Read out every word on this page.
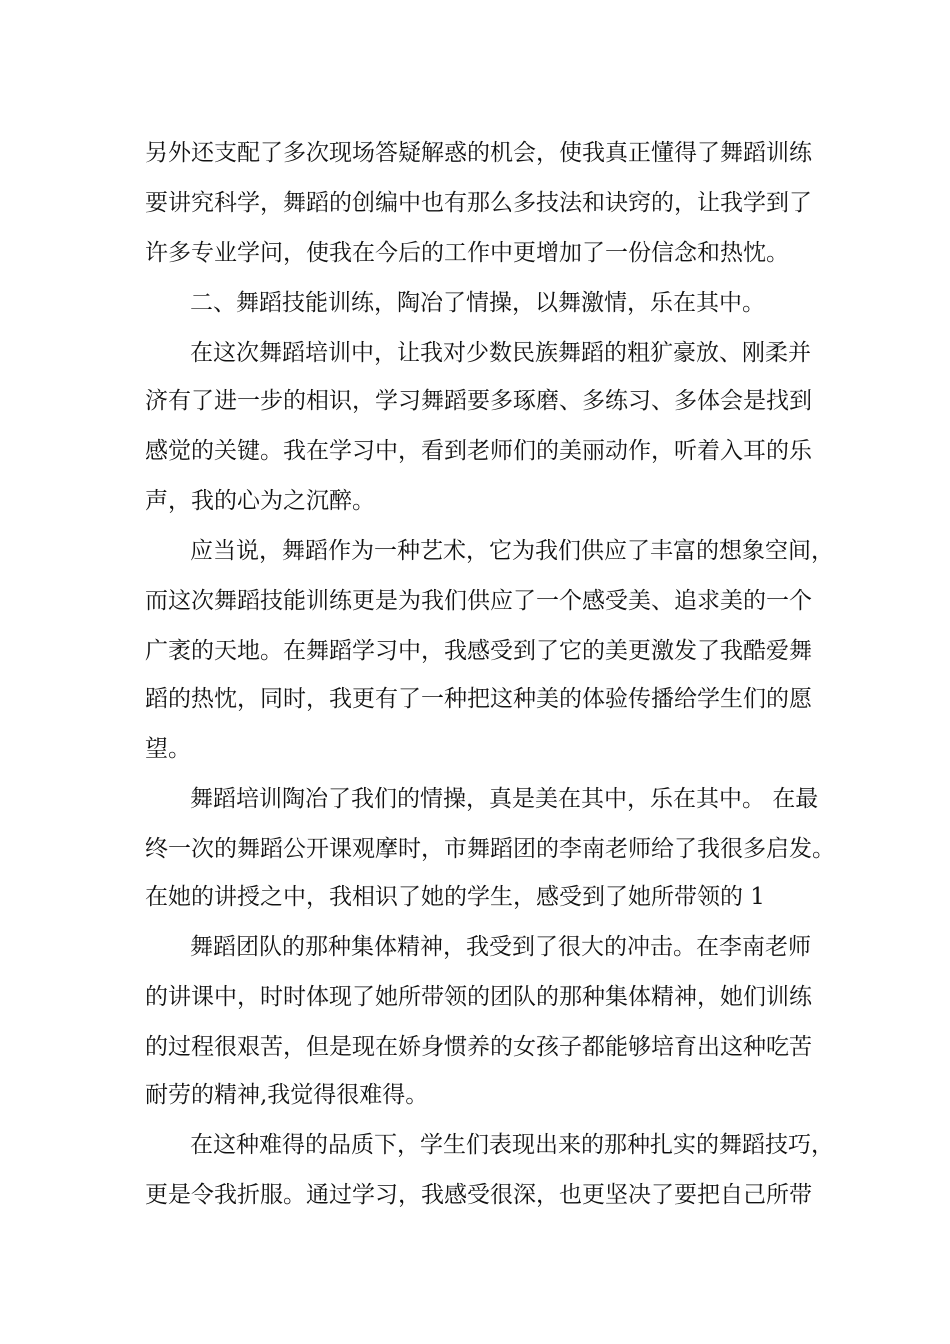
另外还支配了多次现场答疑解惑的机会，使我真正懂得了舞蹈训练
要讲究科学，舞蹈的创编中也有那么多技法和诀窍的，让我学到了
许多专业学问，使我在今后的工作中更增加了一份信念和热忱。
二、舞蹈技能训练，陶冶了情操，以舞激情，乐在其中。
在这次舞蹈培训中，让我对少数民族舞蹈的粗犷豪放、刚柔并
济有了进一步的相识，学习舞蹈要多琢磨、多练习、多体会是找到
感觉的关键。我在学习中，看到老师们的美丽动作，听着入耳的乐
声，我的心为之沉醉。
应当说，舞蹈作为一种艺术，它为我们供应了丰富的想象空间，
而这次舞蹈技能训练更是为我们供应了一个感受美、追求美的一个
广袤的天地。在舞蹈学习中，我感受到了它的美更激发了我酷爱舞
蹈的热忱，同时，我更有了一种把这种美的体验传播给学生们的愿
望。
舞蹈培训陶冶了我们的情操，真是美在其中，乐在其中。 在最
终一次的舞蹈公开课观摩时，市舞蹈团的李南老师给了我很多启发。
在她的讲授之中，我相识了她的学生，感受到了她所带领的 1
舞蹈团队的那种集体精神，我受到了很大的冲击。在李南老师
的讲课中，时时体现了她所带领的团队的那种集体精神，她们训练
的过程很艰苦，但是现在娇身惯养的女孩子都能够培育出这种吃苦
耐劳的精神,我觉得很难得。
在这种难得的品质下，学生们表现出来的那种扎实的舞蹈技巧，
更是令我折服。通过学习，我感受很深，也更坚决了要把自己所带
